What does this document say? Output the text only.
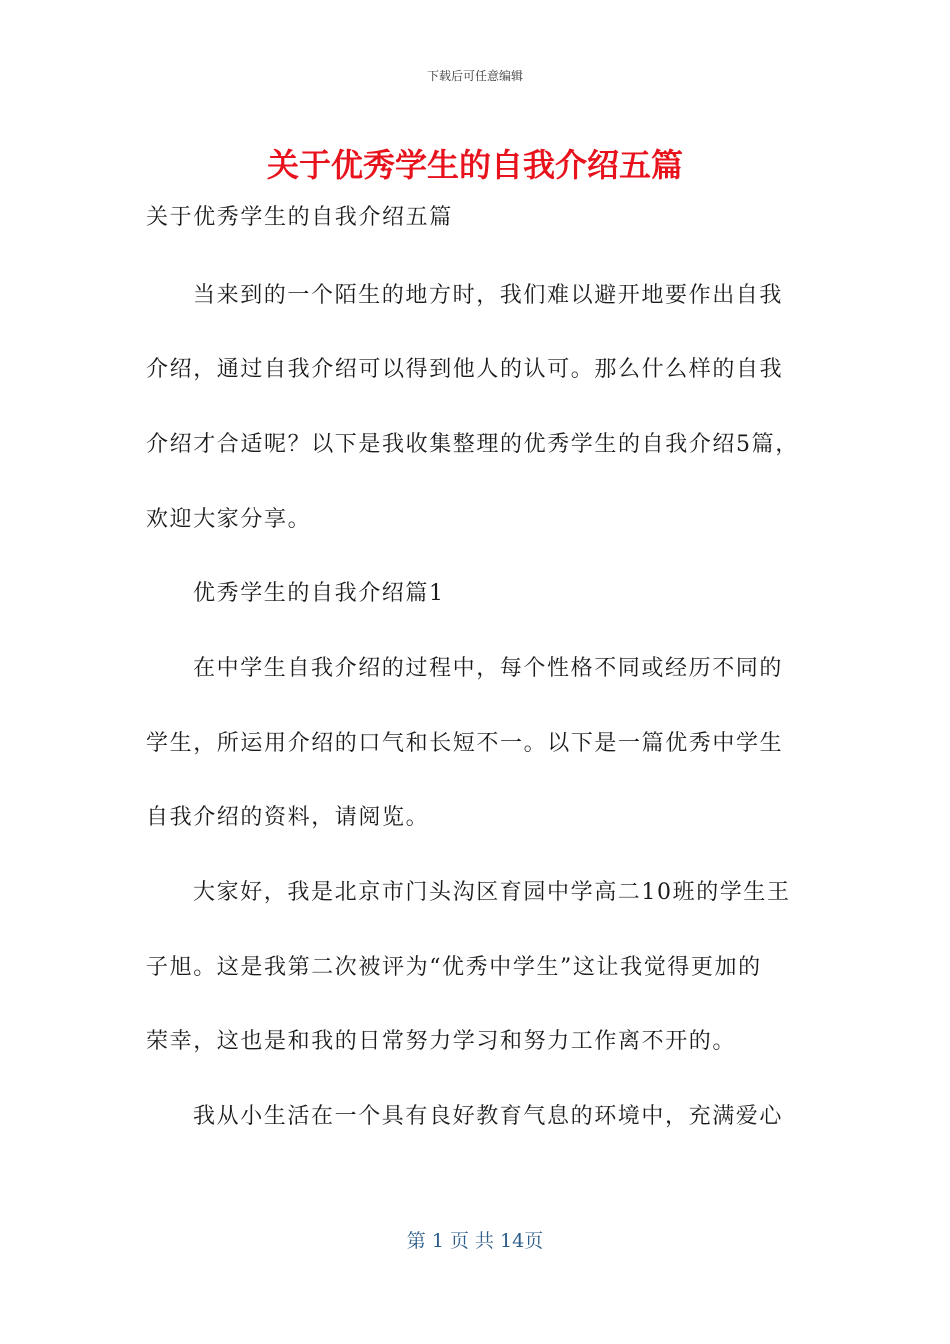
下载后可任意编辑
关于优秀学生的自我介绍五篇
关于优秀学生的自我介绍五篇
当来到的一个陌生的地方时，我们难以避开地要作出自我
介绍，通过自我介绍可以得到他人的认可。那么什么样的自我
介绍才合适呢？以下是我收集整理的优秀学生的自我介绍5篇，
欢迎大家分享。
优秀学生的自我介绍篇1
在中学生自我介绍的过程中，每个性格不同或经历不同的
学生，所运用介绍的口气和长短不一。以下是一篇优秀中学生
自我介绍的资料，请阅览。
大家好，我是北京市门头沟区育园中学高二10班的学生王
子旭。这是我第二次被评为“优秀中学生”这让我觉得更加的
荣幸，这也是和我的日常努力学习和努力工作离不开的。
我从小生活在一个具有良好教育气息的环境中，充满爱心
第 1 页 共 14页
